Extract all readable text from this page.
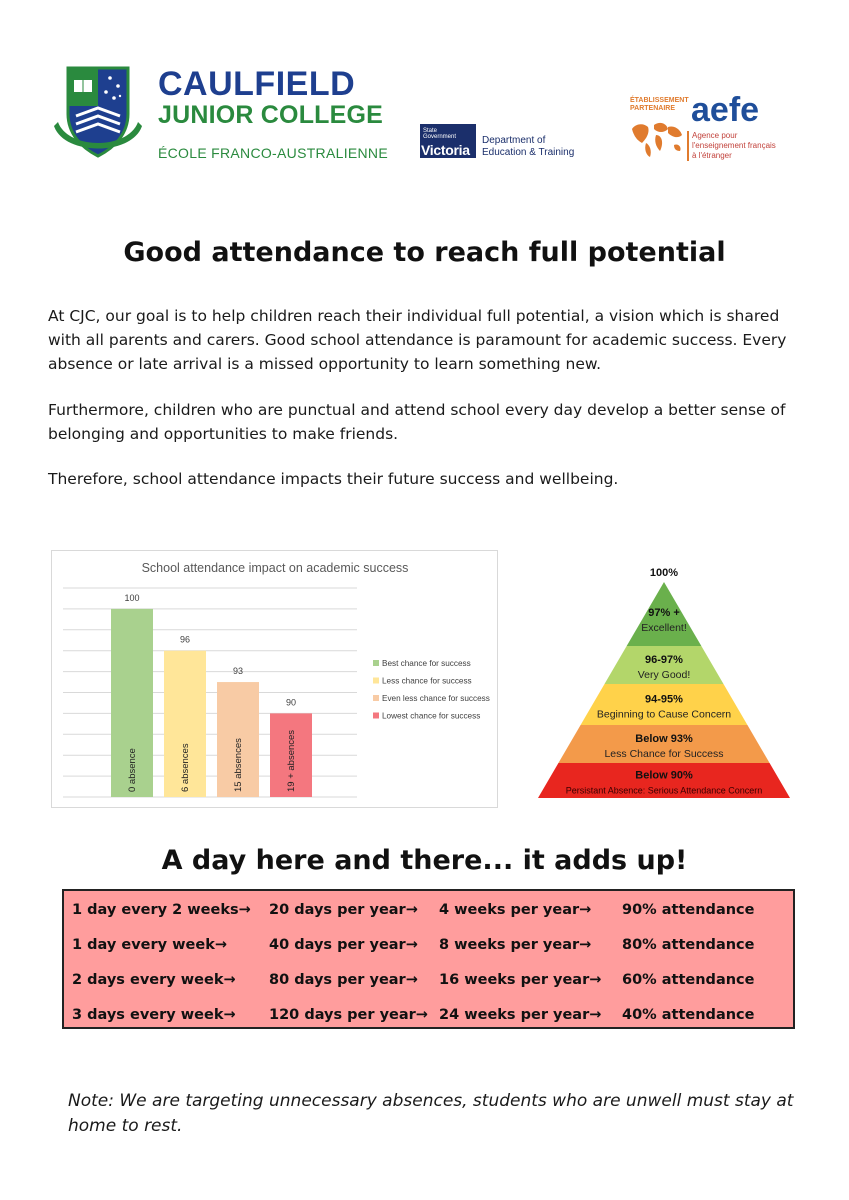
CAULFIELD
JUNIOR COLLEGE
ÉCOLE FRANCO-AUSTRALIENNE
State Government
Victoria
Department of Education & Training
ÉTABLISSEMENT PARTENAIRE aefe
Agence pour l'enseignement français à l'étranger
Good attendance to reach full potential
At CJC, our goal is to help children reach their individual full potential, a vision which is shared with all parents and carers. Good school attendance is paramount for academic success. Every absence or late arrival is a missed opportunity to learn something new.
Furthermore, children who are punctual and attend school every day develop a better sense of belonging and opportunities to make friends.
Therefore, school attendance impacts their future success and wellbeing.
School attendance impact on academic success
100
0 absence
96
6 absences
93
15 absences
90
19 + absences
Best chance for success
Less chance for success
Even less chance for success
Lowest chance for success
100%
97% +
Excellent!
96-97%
Very Good!
94-95%
Beginning to Cause Concern
Below 93%
Less Chance for Success
Below 90%
Persistant Absence: Serious Attendance Concern
A day here and there... it adds up!
1 day every 2 weeks→ 20 days per year→ 4 weeks per year→ 90% attendance
1 day every week→	40 days per year→ 8 weeks per year→ 80% attendance
2 days every week→ 80 days per year→ 16 weeks per year→ 60% attendance
3 days every week→ 120 days per year→ 24 weeks per year→ 40% attendance
Note: We are targeting unnecessary absences, students who are unwell must stay at home to rest.
